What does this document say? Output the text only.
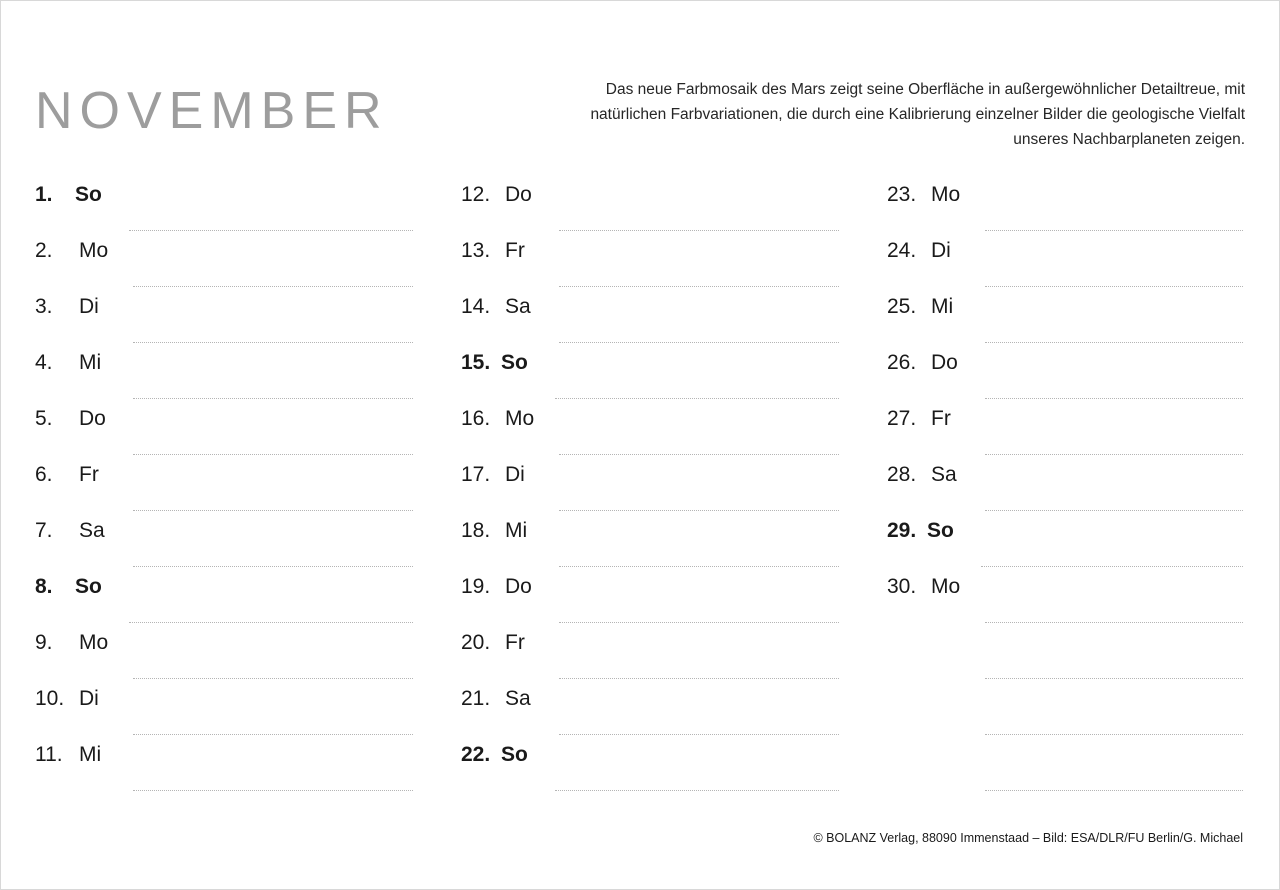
NOVEMBER	Das neue Farbmosaik des Mars zeigt seine Oberfläche in außergewöhnlicher Detailtreue, mit natürlichen Farbvariationen, die durch eine Kalibrierung einzelner Bilder die geologische Vielfalt unseres Nachbarplaneten zeigen.
1.	So
2.	Mo
3.	Di
4.	Mi
5.	Do
6.	Fr
7.	Sa
8.	So
9.	Mo
10. Di
11. Mi
12. Do
13. Fr
14. Sa
15. So
16. Mo
17. Di
18. Mi
19. Do
20. Fr
21. Sa
22. So
23. Mo
24. Di
25. Mi
26. Do
27. Fr
28. Sa
29. So
30. Mo
© BOLANZ Verlag, 88090 Immenstaad – Bild: ESA/DLR/FU Berlin/G. Michael
